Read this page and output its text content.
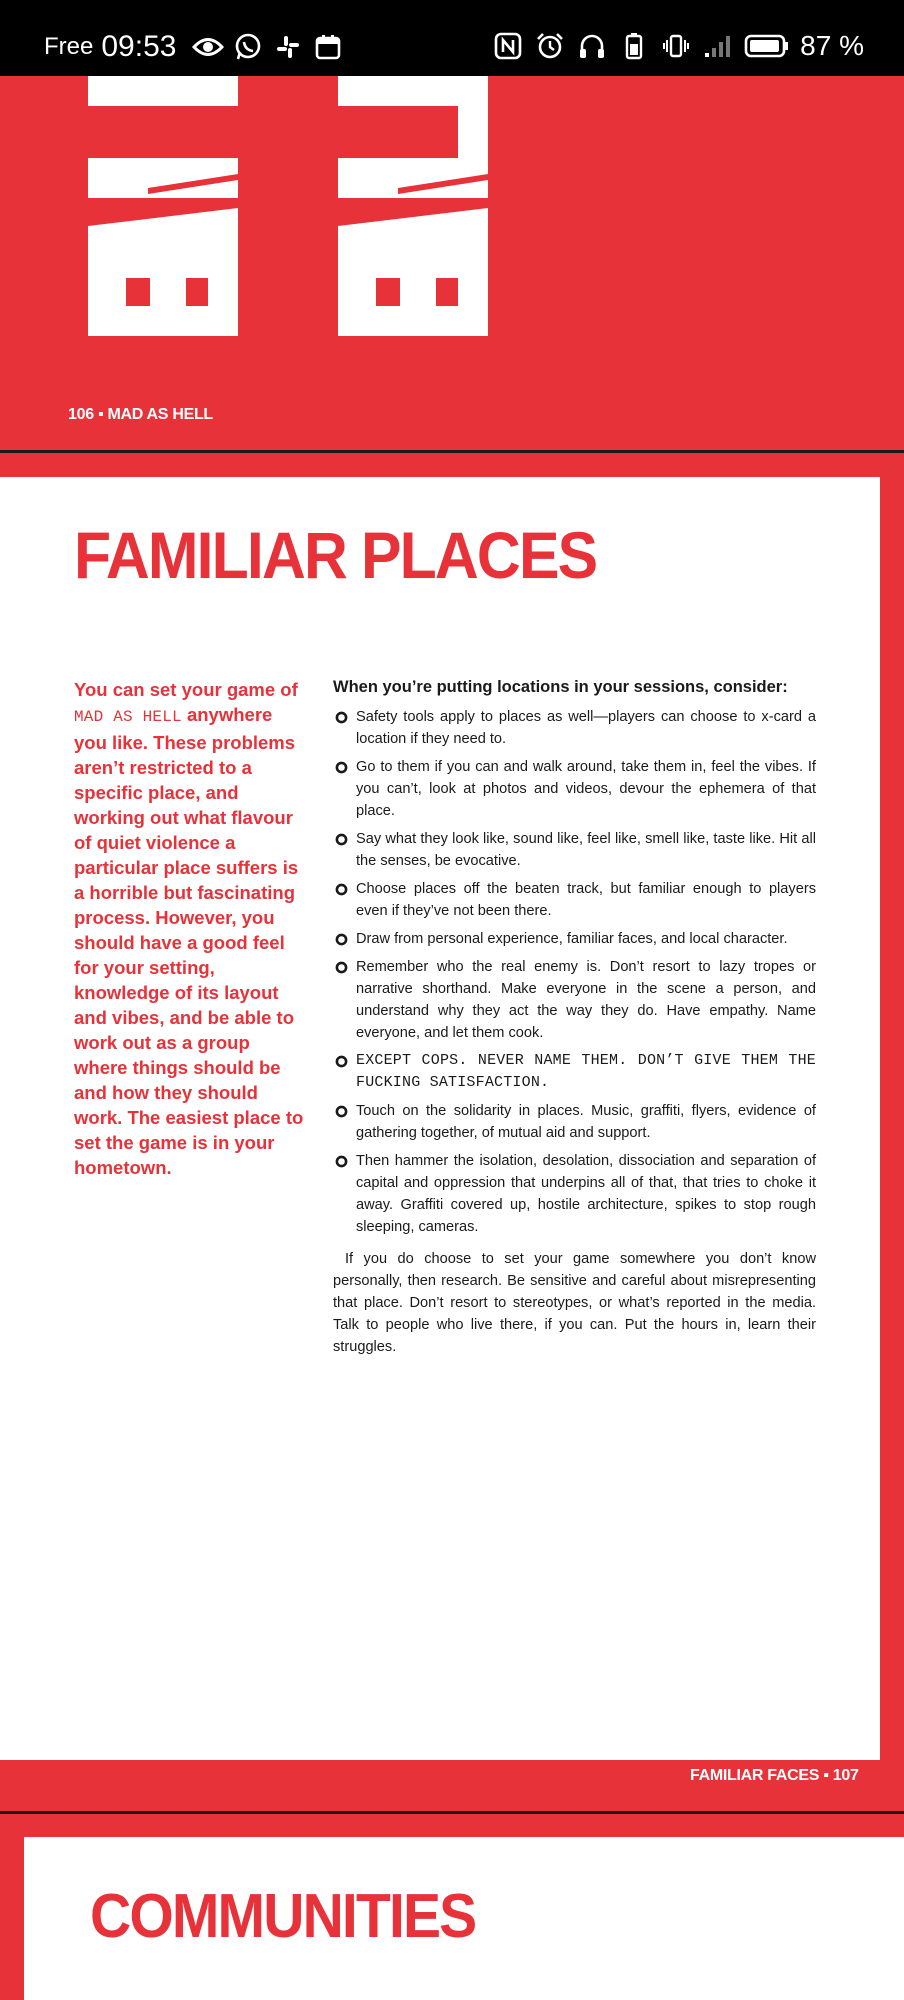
Free 09:53	87 %
106 ▪ MAD AS HELL
FAMILIAR PLACES
You can set your game of MAD AS HELL anywhere you like. These problems aren’t restricted to a specific place, and working out what flavour of quiet violence a particular place suffers is a horrible but fascinating process. However, you should have a good feel for your setting, knowledge of its layout and vibes, and be able to work out as a group where things should be and how they should work. The easiest place to set the game is in your hometown.
When you’re putting locations in your sessions, consider:
Safety tools apply to places as well—players can choose to x-card a location if they need to.
Go to them if you can and walk around, take them in, feel the vibes. If you can’t, look at photos and videos, devour the ephemera of that place.
Say what they look like, sound like, feel like, smell like, taste like. Hit all the senses, be evocative.
Choose places off the beaten track, but familiar enough to players even if they’ve not been there.
Draw from personal experience, familiar faces, and local character.
Remember who the real enemy is. Don’t resort to lazy tropes or narrative shorthand. Make everyone in the scene a person, and understand why they act the way they do. Have empathy. Name everyone, and let them cook.
EXCEPT COPS. NEVER NAME THEM. DON’T GIVE THEM THE FUCKING SATISFACTION.
Touch on the solidarity in places. Music, graffiti, flyers, evidence of gathering together, of mutual aid and support.
Then hammer the isolation, desolation, dissociation and separation of capital and oppression that underpins all of that, that tries to choke it away. Graffiti covered up, hostile architecture, spikes to stop rough sleeping, cameras.

If you do choose to set your game somewhere you don’t know personally, then research. Be sensitive and careful about misrepresenting that place. Don’t resort to stereotypes, or what’s reported in the media. Talk to people who live there, if you can. Put the hours in, learn their struggles.

FAMILIAR FACES ▪ 107
COMMUNITIES
